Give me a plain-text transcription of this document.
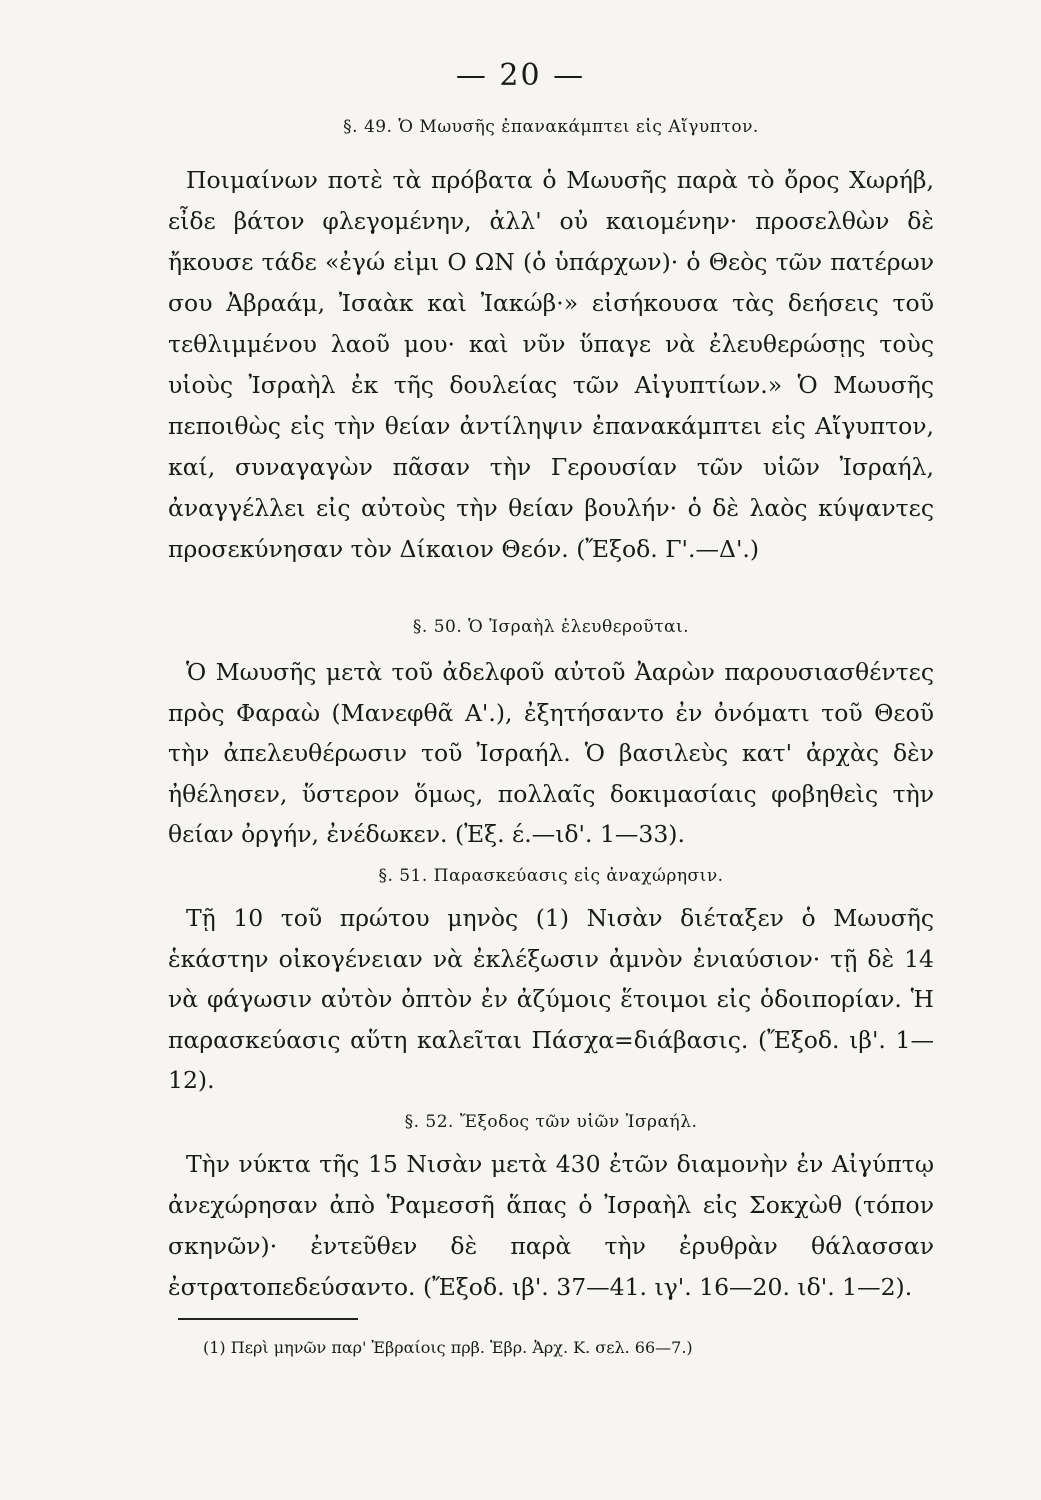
— 20 —
§. 49. Ὁ Μωυσῆς ἐπανακάμπτει εἰς Αἴγυπτον.
Ποιμαίνων ποτὲ τὰ πρόβατα ὁ Μωυσῆς παρὰ τὸ ὄρος Χωρήβ, εἶδε βάτον φλεγομένην, ἀλλ' οὐ καιομένην· προσελθὼν δὲ ἤκουσε τάδε «ἐγώ εἰμι Ο ΩΝ (ὁ ὑπάρχων)· ὁ Θεὸς τῶν πατέρων σου Ἀβραάμ, Ἰσαὰκ καὶ Ἰακώβ·» εἰσήκουσα τὰς δεήσεις τοῦ τεθλιμμένου λαοῦ μου· καὶ νῦν ὕπαγε νὰ ἐλευθερώσῃς τοὺς υἱοὺς Ἰσραὴλ ἐκ τῆς δουλείας τῶν Αἰγυπτίων.» Ὁ Μωυσῆς πεποιθὼς εἰς τὴν θείαν ἀντίληψιν ἐπανακάμπτει εἰς Αἴγυπτον, καί, συναγαγὼν πᾶσαν τὴν Γερουσίαν τῶν υἱῶν Ἰσραήλ, ἀναγγέλλει εἰς αὐτοὺς τὴν θείαν βουλήν· ὁ δὲ λαὸς κύψαντες προσεκύνησαν τὸν Δίκαιον Θεόν. (Ἔξοδ. Γ'.—Δ'.)
§. 50. Ὁ Ἰσραὴλ ἐλευθεροῦται.
Ὁ Μωυσῆς μετὰ τοῦ ἀδελφοῦ αὐτοῦ Ἀαρὼν παρουσιασθέντες πρὸς Φαραὼ (Μανεφθᾶ Α'.), ἐξητήσαντο ἐν ὀνόματι τοῦ Θεοῦ τὴν ἀπελευθέρωσιν τοῦ Ἰσραήλ. Ὁ βασιλεὺς κατ' ἀρχὰς δὲν ἠθέλησεν, ὕστερον ὅμως, πολλαῖς δοκιμασίαις φοβηθεὶς τὴν θείαν ὀργήν, ἐνέδωκεν. (Ἐξ. έ.—ιδ'. 1—33).
§. 51. Παρασκεύασις εἰς ἀναχώρησιν.
Τῇ 10 τοῦ πρώτου μηνὸς (1) Νισὰν διέταξεν ὁ Μωυσῆς ἑκάστην οἰκογένειαν νὰ ἐκλέξωσιν ἀμνὸν ἐνιαύσιον· τῇ δὲ 14 νὰ φάγωσιν αὐτὸν ὀπτὸν ἐν ἀζύμοις ἕτοιμοι εἰς ὁδοιπορίαν. Ἡ παρασκεύασις αὕτη καλεῖται Πάσχα=διάβασις. (Ἔξοδ. ιβ'. 1—12).
§. 52. Ἔξοδος τῶν υἱῶν Ἰσραήλ.
Τὴν νύκτα τῆς 15 Νισὰν μετὰ 430 ἐτῶν διαμονὴν ἐν Αἰγύπτῳ ἀνεχώρησαν ἀπὸ Ῥαμεσσῆ ἅπας ὁ Ἰσραὴλ εἰς Σοκχὼθ (τόπον σκηνῶν)· ἐντεῦθεν δὲ παρὰ τὴν ἐρυθρὰν θάλασσαν ἐστρατοπεδεύσαντο. (Ἔξοδ. ιβ'. 37—41. ιγ'. 16—20. ιδ'. 1—2).
(1) Περὶ μηνῶν παρ' Ἑβραίοις πρβ. Ἑβρ. Ἀρχ. Κ. σελ. 66—7.)
